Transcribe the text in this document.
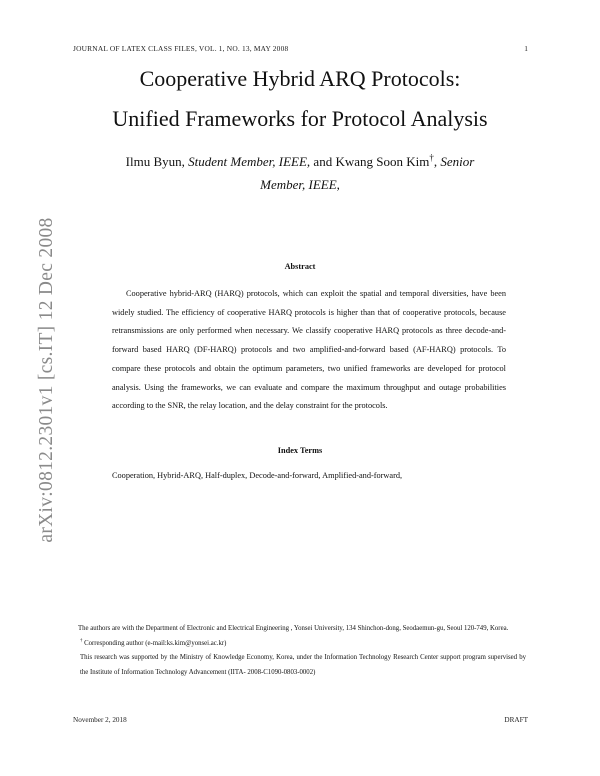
JOURNAL OF LATEX CLASS FILES, VOL. 1, NO. 13, MAY 2008	1
arXiv:0812.2301v1 [cs.IT] 12 Dec 2008
Cooperative Hybrid ARQ Protocols:
Unified Frameworks for Protocol Analysis
Ilmu Byun, Student Member, IEEE, and Kwang Soon Kim†, Senior
Member, IEEE,
Abstract

Cooperative hybrid-ARQ (HARQ) protocols, which can exploit the spatial and temporal diversities, have been widely studied. The efficiency of cooperative HARQ protocols is higher than that of cooperative protocols, because retransmissions are only performed when necessary. We classify cooperative HARQ protocols as three decode-and-forward based HARQ (DF-HARQ) protocols and two amplified-and-forward based (AF-HARQ) protocols. To compare these protocols and obtain the optimum parameters, two unified frameworks are developed for protocol analysis. Using the frameworks, we can evaluate and compare the maximum throughput and outage probabilities according to the SNR, the relay location, and the delay constraint for the protocols.

Index Terms
Cooperation, Hybrid-ARQ, Half-duplex, Decode-and-forward, Amplified-and-forward,

The authors are with the Department of Electronic and Electrical Engineering , Yonsei University, 134 Shinchon-dong, Seodaemun-gu, Seoul 120-749, Korea.

† Corresponding author (e-mail:ks.kim@yonsei.ac.kr)

This research was supported by the Ministry of Knowledge Economy, Korea, under the Information Technology Research Center support program supervised by the Institute of Information Technology Advancement (IITA- 2008-C1090-0803-0002)

November 2, 2018	DRAFT
